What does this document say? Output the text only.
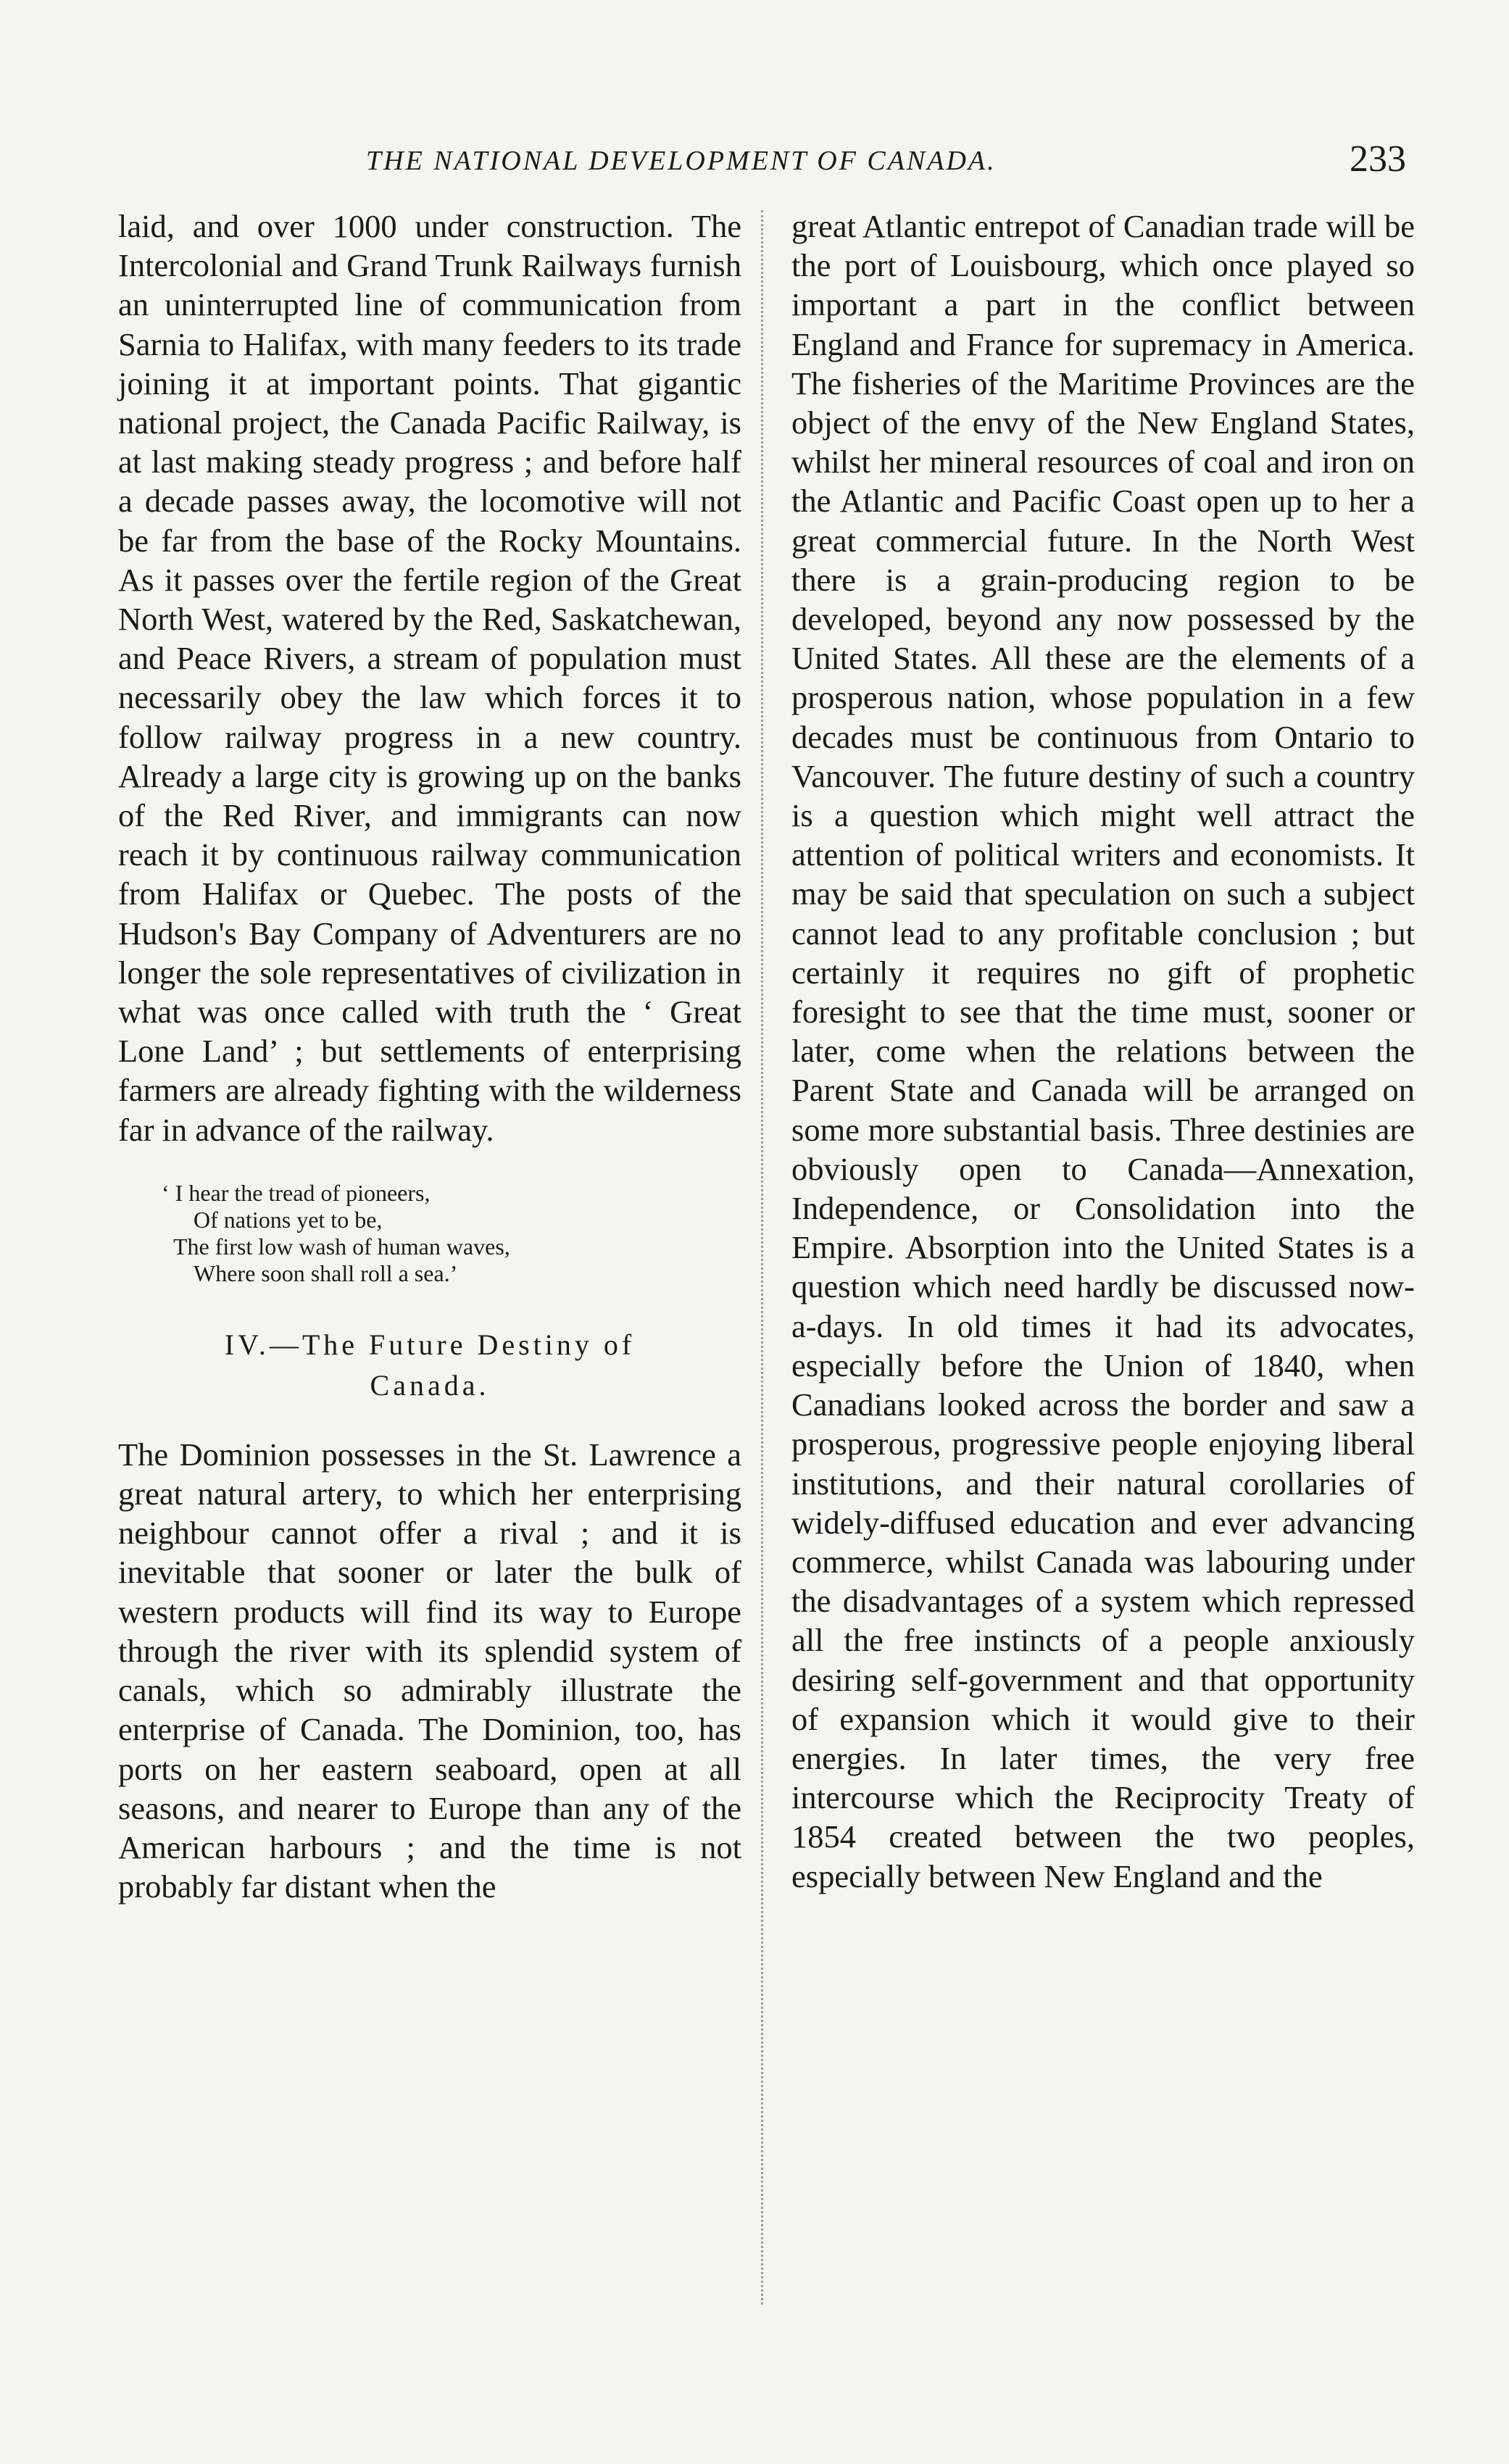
THE NATIONAL DEVELOPMENT OF CANADA.	233

laid, and over 1000 under construction. The Intercolonial and Grand Trunk Railways furnish an uninterrupted line of communication from Sarnia to Halifax, with many feeders to its trade joining it at important points. That gigantic national project, the Canada Pacific Railway, is at last making steady progress ; and before half a decade passes away, the locomotive will not be far from the base of the Rocky Mountains. As it passes over the fertile region of the Great North West, watered by the Red, Saskatchewan, and Peace Rivers, a stream of population must necessarily obey the law which forces it to follow railway progress in a new country. Already a large city is growing up on the banks of the Red River, and immigrants can now reach it by continuous railway communication from Halifax or Quebec. The posts of the Hudson's Bay Company of Adventurers are no longer the sole representatives of civilization in what was once called with truth the ‘ Great Lone Land’ ; but settlements of enterprising farmers are already fighting with the wilderness far in advance of the railway.

‘ I hear the tread of pioneers,
Of nations yet to be,
The first low wash of human waves,
Where soon shall roll a sea.’
IV.—The Future Destiny of
Canada.

The Dominion possesses in the St. Lawrence a great natural artery, to which her enterprising neighbour cannot offer a rival ; and it is inevitable that sooner or later the bulk of western products will find its way to Europe through the river with its splendid system of canals, which so admirably illustrate the enterprise of Canada. The Dominion, too, has ports on her eastern seaboard, open at all seasons, and nearer to Europe than any of the American harbours ; and the time is not probably far distant when the

great Atlantic entrepot of Canadian trade will be the port of Louisbourg, which once played so important a part in the conflict between England and France for supremacy in America. The fisheries of the Maritime Provinces are the object of the envy of the New England States, whilst her mineral resources of coal and iron on the Atlantic and Pacific Coast open up to her a great commercial future. In the North West there is a grain-producing region to be developed, beyond any now possessed by the United States. All these are the elements of a prosperous nation, whose population in a few decades must be continuous from Ontario to Vancouver. The future destiny of such a country is a question which might well attract the attention of political writers and economists. It may be said that speculation on such a subject cannot lead to any profitable conclusion ; but certainly it requires no gift of prophetic foresight to see that the time must, sooner or later, come when the relations between the Parent State and Canada will be arranged on some more substantial basis. Three destinies are obviously open to Canada—Annexation, Independence, or Consolidation into the Empire. Absorption into the United States is a question which need hardly be discussed now-a-days. In old times it had its advocates, especially before the Union of 1840, when Canadians looked across the border and saw a prosperous, progressive people enjoying liberal institutions, and their natural corollaries of widely-diffused education and ever advancing commerce, whilst Canada was labouring under the disadvantages of a system which repressed all the free instincts of a people anxiously desiring self-government and that opportunity of expansion which it would give to their energies. In later times, the very free intercourse which the Reciprocity Treaty of 1854 created between the two peoples, especially between New England and the
